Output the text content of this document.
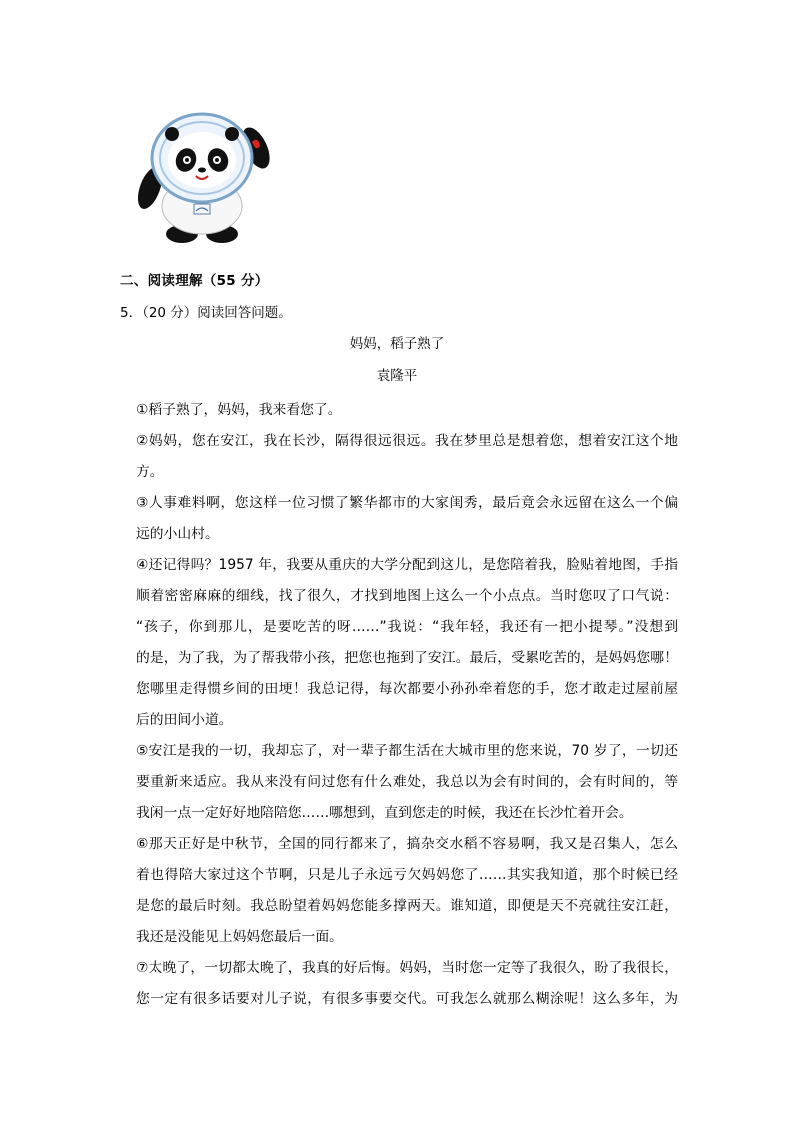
二、阅读理解（55 分）
5．（20 分）阅读回答问题。
妈妈，稻子熟了
袁隆平
①稻子熟了，妈妈，我来看您了。
②妈妈，您在安江，我在长沙，隔得很远很远。我在梦里总是想着您，想着安江这个地
方。
③人事难料啊，您这样一位习惯了繁华都市的大家闺秀，最后竟会永远留在这么一个偏
远的小山村。
④还记得吗？1957 年，我要从重庆的大学分配到这儿，是您陪着我，脸贴着地图，手指
顺着密密麻麻的细线，找了很久，才找到地图上这么一个小点点。当时您叹了口气说：
“孩子，你到那儿，是要吃苦的呀……”我说：“我年轻，我还有一把小提琴。”没想到
的是，为了我，为了帮我带小孩，把您也拖到了安江。最后，受累吃苦的，是妈妈您哪！
您哪里走得惯乡间的田埂！我总记得，每次都要小孙孙牵着您的手，您才敢走过屋前屋
后的田间小道。
⑤安江是我的一切，我却忘了，对一辈子都生活在大城市里的您来说，70 岁了，一切还
要重新来适应。我从来没有问过您有什么难处，我总以为会有时间的，会有时间的，等
我闲一点一定好好地陪陪您……哪想到，直到您走的时候，我还在长沙忙着开会。
⑥那天正好是中秋节，全国的同行都来了，搞杂交水稻不容易啊，我又是召集人，怎么
着也得陪大家过这个节啊，只是儿子永远亏欠妈妈您了……其实我知道，那个时候已经
是您的最后时刻。我总盼望着妈妈您能多撑两天。谁知道，即便是天不亮就往安江赶，
我还是没能见上妈妈您最后一面。
⑦太晚了，一切都太晚了，我真的好后悔。妈妈，当时您一定等了我很久，盼了我很长，
您一定有很多话要对儿子说，有很多事要交代。可我怎么就那么糊涂呢！这么多年，为
